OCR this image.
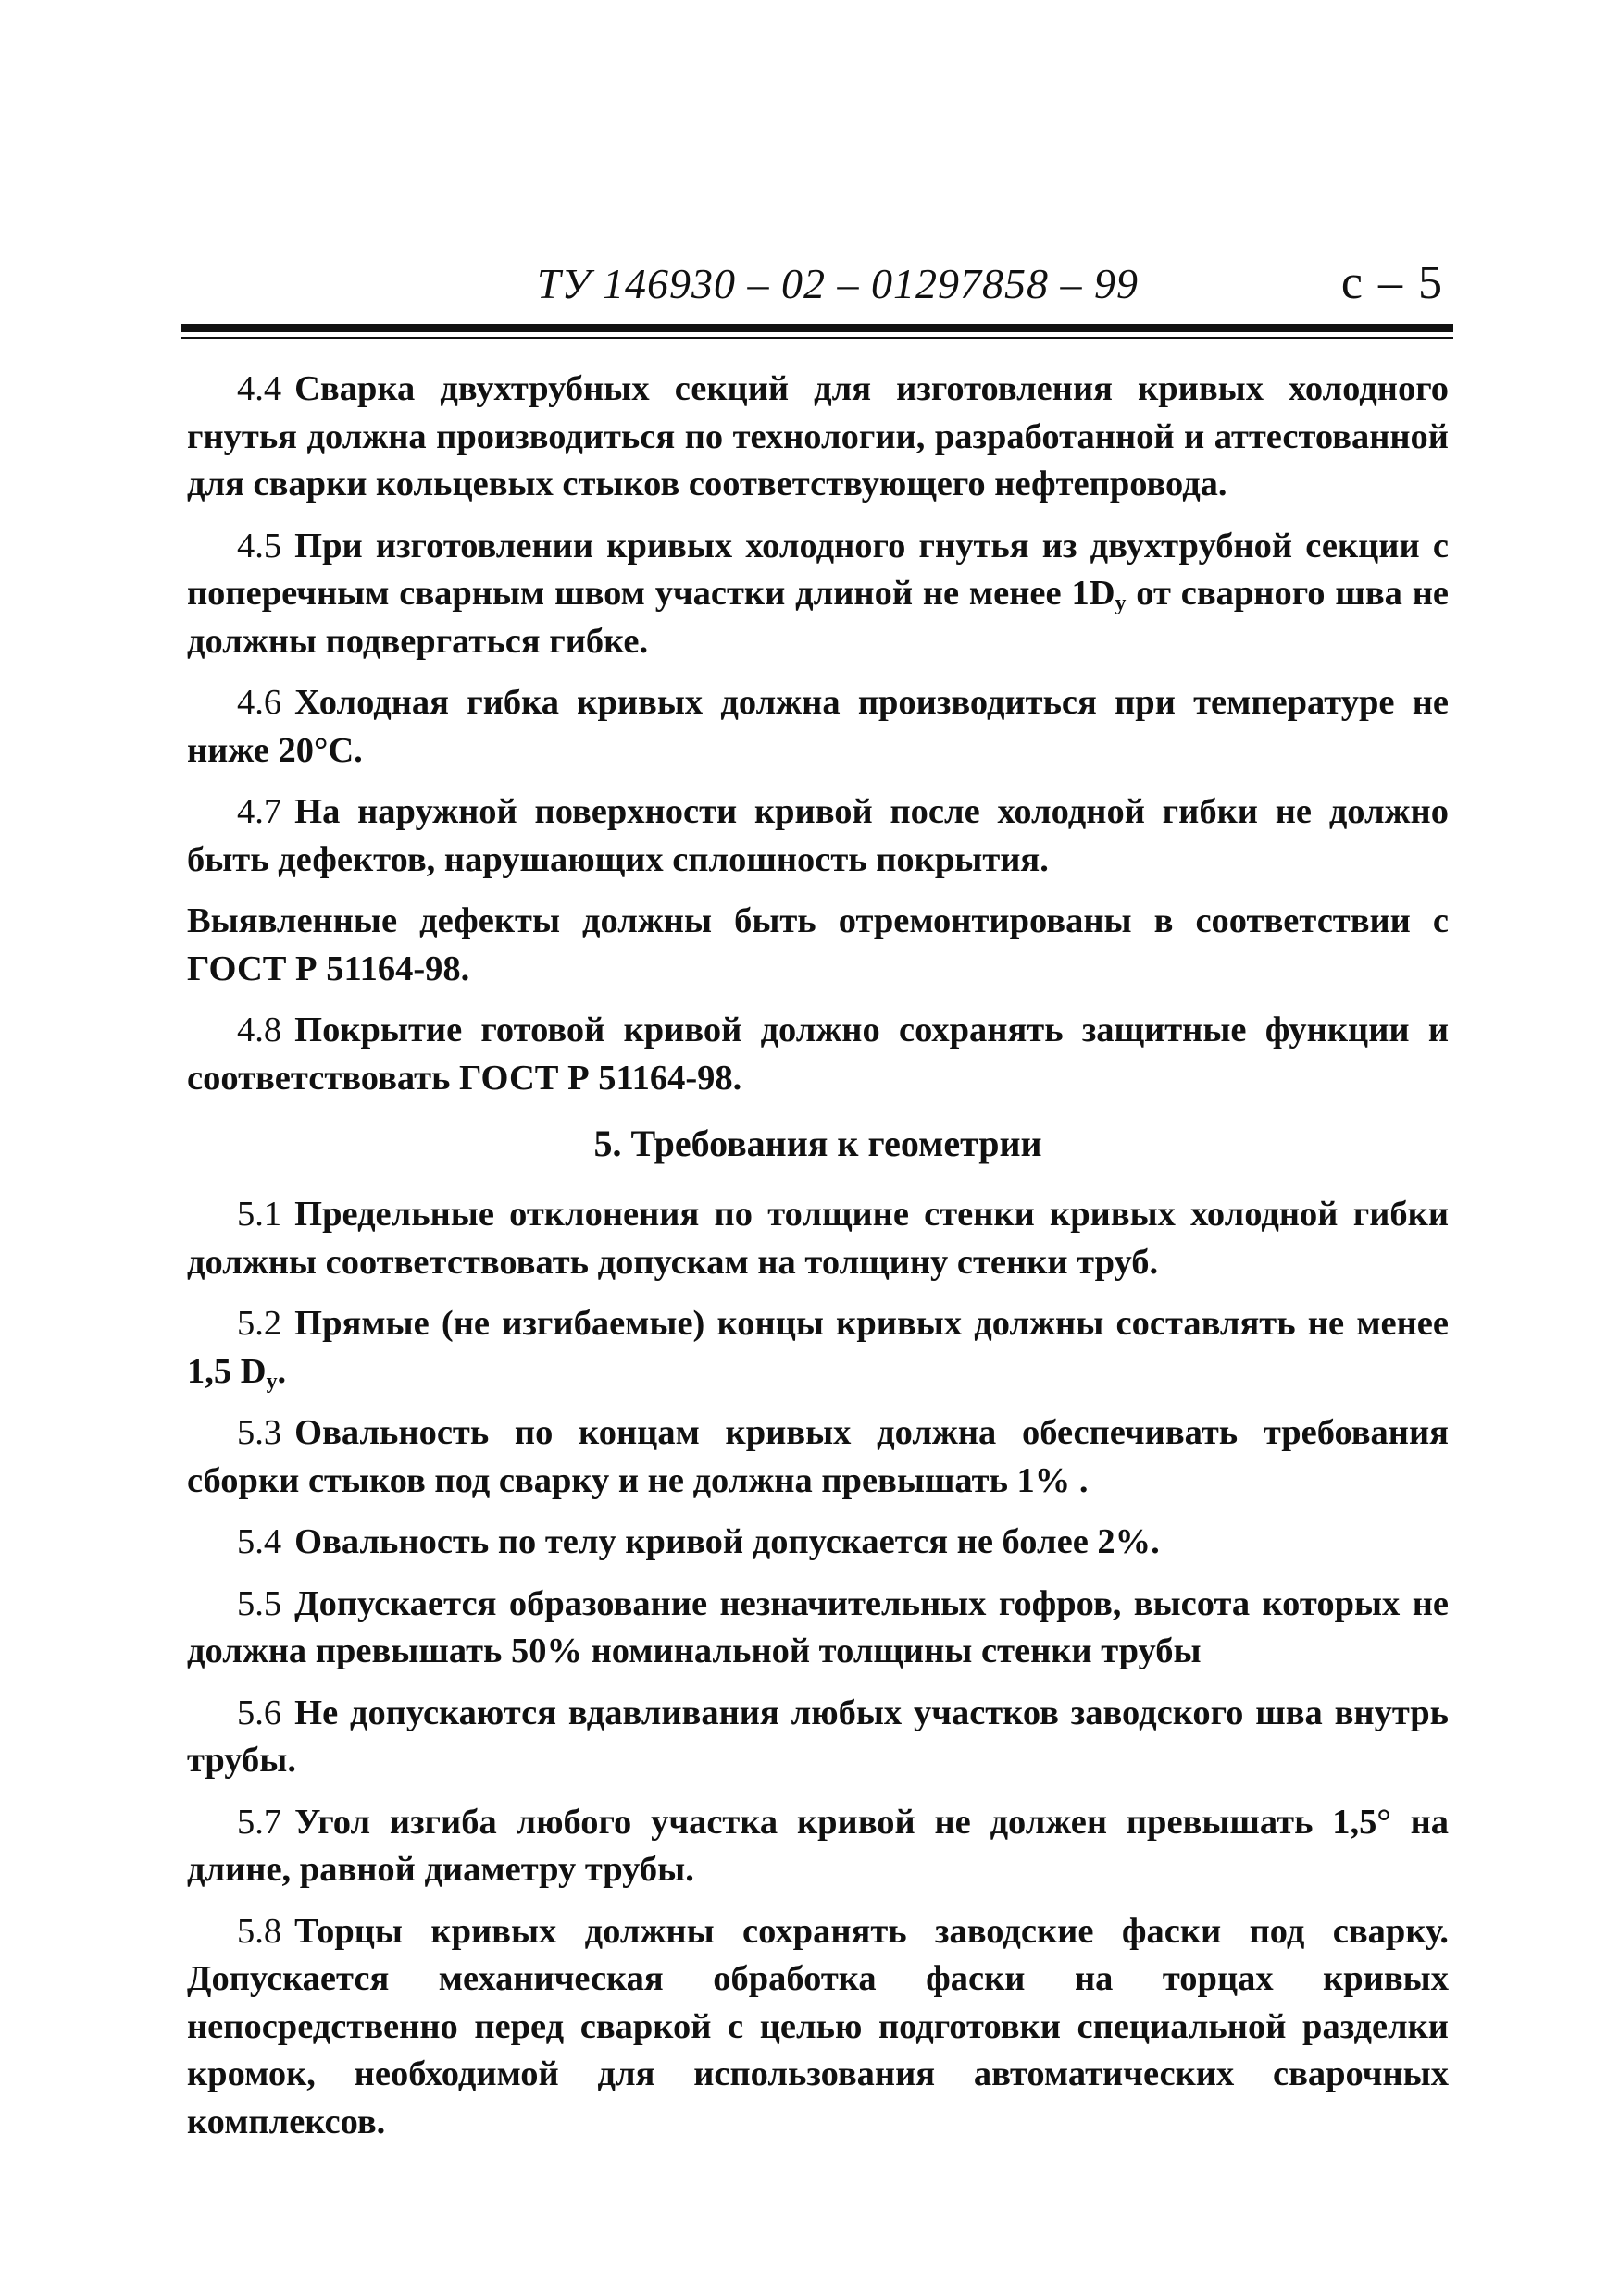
ТУ 146930 – 02 – 01297858 – 99	с – 5

4.4 Сварка двухтрубных секций для изготовления кривых холодного гнутья должна производиться по технологии, разработанной и аттестованной для сварки кольцевых стыков соответствующего нефтепровода.

4.5 При изготовлении кривых холодного гнутья из двухтрубной секции с поперечным сварным швом участки длиной не менее $1D_у$ от сварного шва не должны подвергаться гибке.

4.6 Холодная гибка кривых должна производиться при температуре не ниже 20°С.

4.7 На наружной поверхности кривой после холодной гибки не должно быть дефектов, нарушающих сплошность покрытия.

Выявленные дефекты должны быть отремонтированы в соответствии с ГОСТ Р 51164-98.

4.8 Покрытие готовой кривой должно сохранять защитные функции и соответствовать ГОСТ Р 51164-98.

5. Требования к геометрии

5.1 Предельные отклонения по толщине стенки кривых холодной гибки должны соответствовать допускам на толщину стенки труб.

5.2 Прямые (не изгибаемые) концы кривых должны составлять не менее 1,5 $D_у$.

5.3 Овальность по концам кривых должна обеспечивать требования сборки стыков под сварку и не должна превышать 1% .

5.4 Овальность по телу кривой допускается не более 2%.

5.5 Допускается образование незначительных гофров, высота которых не должна превышать 50% номинальной толщины стенки трубы

5.6 Не допускаются вдавливания любых участков заводского шва внутрь трубы.

5.7 Угол изгиба любого участка кривой не должен превышать 1,5° на длине, равной диаметру трубы.

5.8 Торцы кривых должны сохранять заводские фаски под сварку. Допускается механическая обработка фаски на торцах кривых непосредственно перед сваркой с целью подготовки специальной разделки кромок, необходимой для использования автоматических сварочных комплексов.
